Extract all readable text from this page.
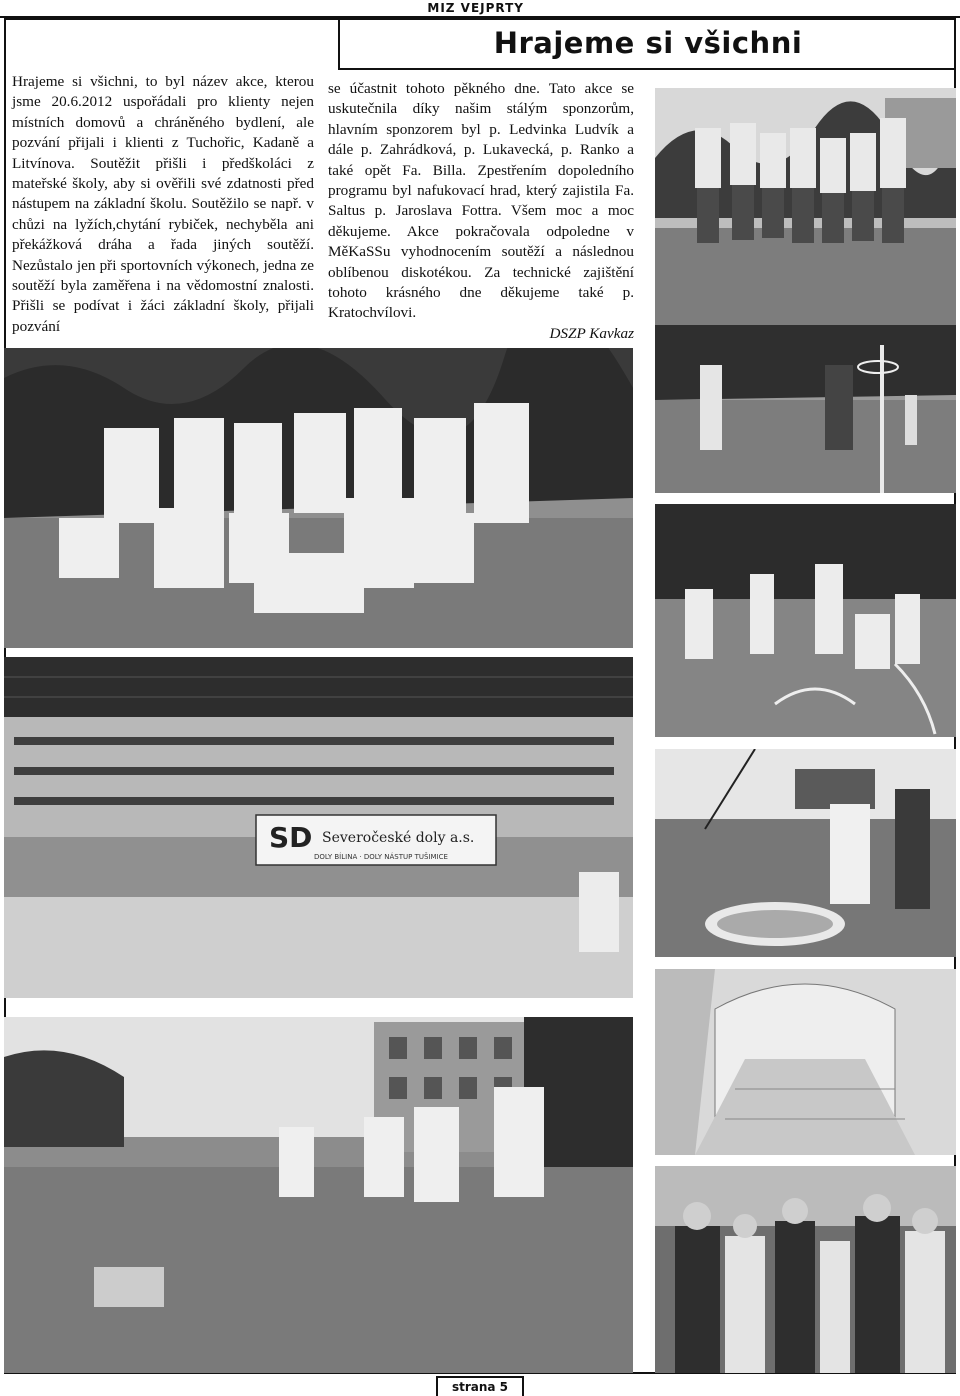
MIZ VEJPRTY
Hrajeme si všichni

Hrajeme si všichni, to byl název akce, kterou jsme 20.6.2012 uspořádali pro klienty nejen místních domovů a chráněného bydlení, ale pozvání přijali i klienti z Tuchořic, Kadaně a Litvínova. Soutěžit přišli i předškoláci z mateřské školy, aby si ověřili své zdatnosti před nástupem na základní školu. Soutěžilo se např. v chůzi na lyžích,chytání rybiček, nechyběla ani překážková dráha a řada jiných soutěží. Nezůstalo jen při sportovních výkonech, jedna ze soutěží byla zaměřena i na vědomostní znalosti. Přišli se podívat i žáci základní školy, přijali pozvání

se účastnit tohoto pěkného dne. Tato akce se uskutečnila díky našim stálým sponzorům, hlavním sponzorem byl p. Ledvinka Ludvík a dále p. Zahrádková, p. Lukavecká, p. Ranko a také opět Fa. Billa. Zpestřením dopoledního programu byl nafukovací hrad, který zajistila Fa. Saltus p. Jaroslava Fottra. Všem moc a moc děkujeme. Akce pokračovala odpoledne v MěKaSSu vyhodnocením soutěží a následnou oblíbenou diskotékou. Za technické zajištění tohoto krásného dne děkujeme také p. Kratochvílovi.

DSZP Kavkaz

SD Severočeské doly a.s.
DOLY BÍLINA · DOLY NÁSTUP TUŠIMICE
strana 5
